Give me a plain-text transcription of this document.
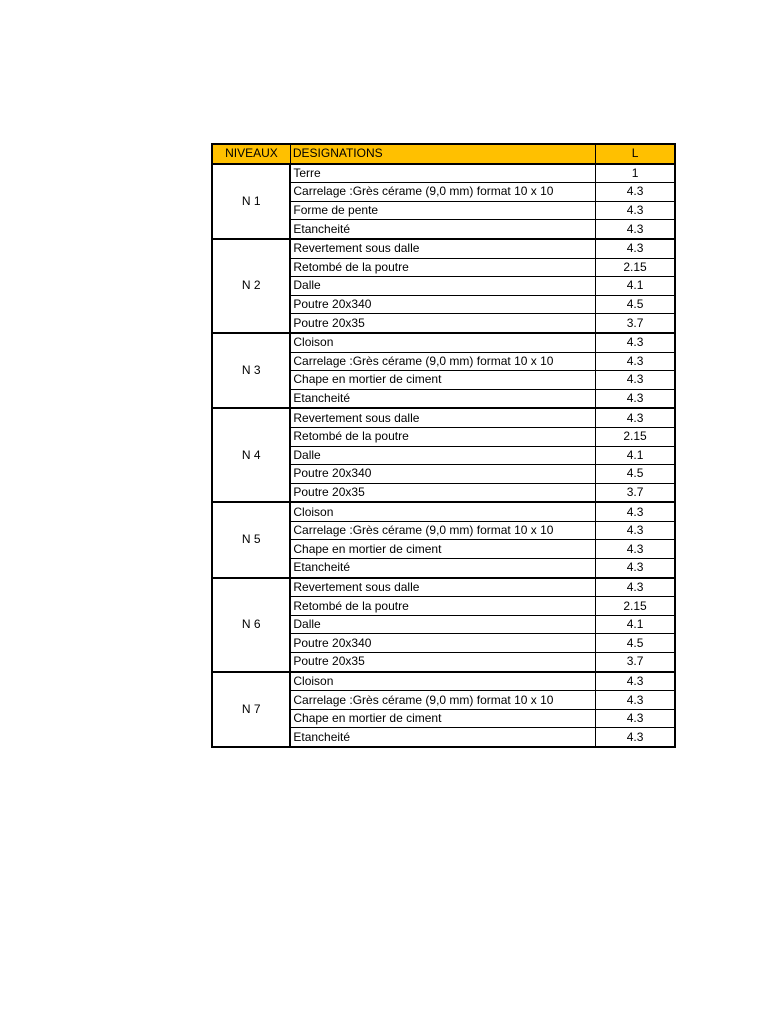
NIVEAUX	DESIGNATIONS	L
N 1	Terre	1
	Carrelage :Grès cérame (9,0 mm) format 10 x 10	4.3
	Forme de pente	4.3
	Etancheité	4.3
N 2	Revertement sous dalle	4.3
	Retombé de la poutre	2.15
	Dalle	4.1
	Poutre 20x340	4.5
	Poutre 20x35	3.7
N 3	Cloison	4.3
	Carrelage :Grès cérame (9,0 mm) format 10 x 10	4.3
	Chape en mortier de ciment	4.3
	Etancheité	4.3
N 4	Revertement sous dalle	4.3
	Retombé de la poutre	2.15
	Dalle	4.1
	Poutre 20x340	4.5
	Poutre 20x35	3.7
N 5	Cloison	4.3
	Carrelage :Grès cérame (9,0 mm) format 10 x 10	4.3
	Chape en mortier de ciment	4.3
	Etancheité	4.3
N 6	Revertement sous dalle	4.3
	Retombé de la poutre	2.15
	Dalle	4.1
	Poutre 20x340	4.5
	Poutre 20x35	3.7
N 7	Cloison	4.3
	Carrelage :Grès cérame (9,0 mm) format 10 x 10	4.3
	Chape en mortier de ciment	4.3
	Etancheité	4.3
